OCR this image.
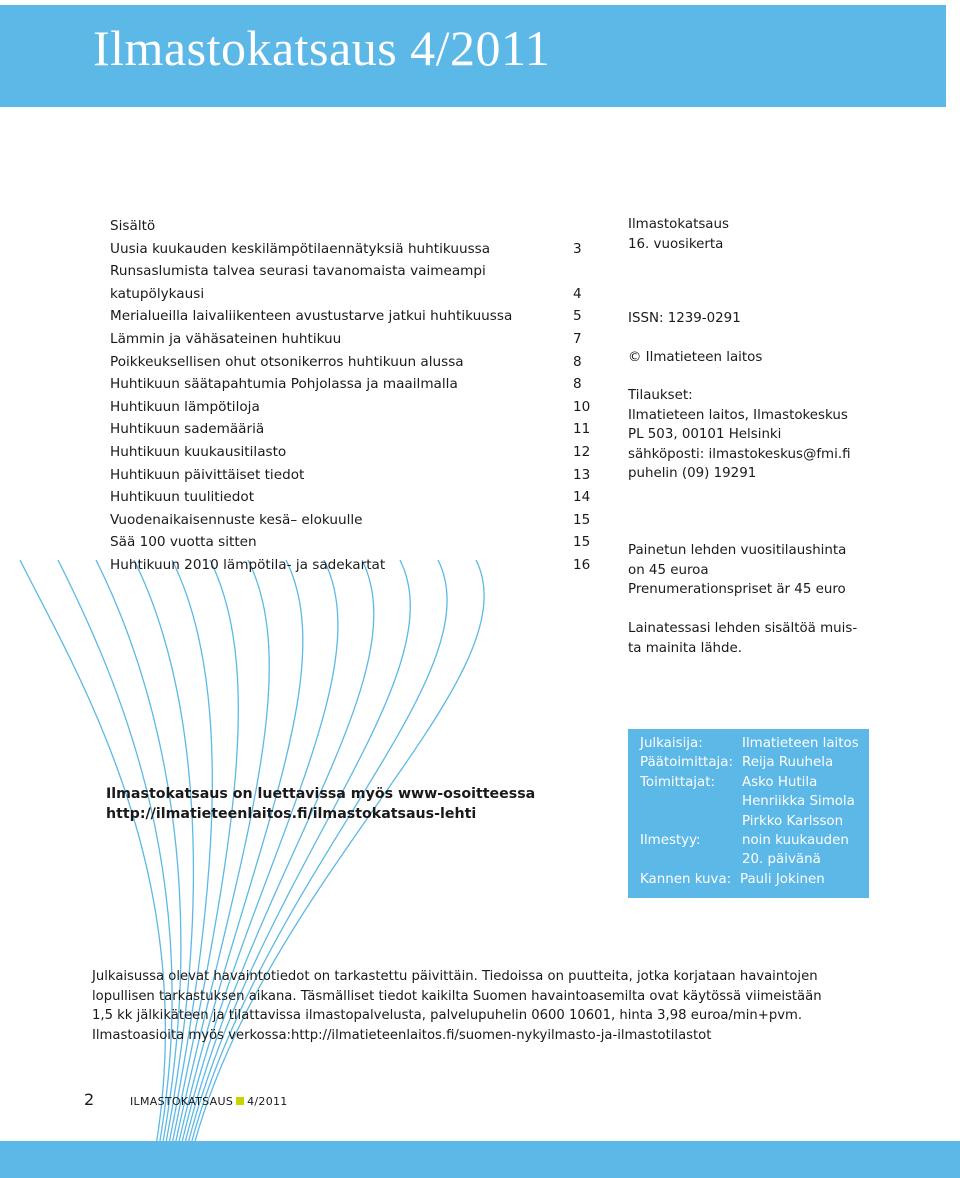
Ilmastokatsaus 4/2011
Sisältö
Uusia kuukauden keskilämpötilaennätyksiä huhtikuussa	3
Runsaslumista talvea seurasi tavanomaista vaimeampi
katupölykausi	4
Merialueilla laivaliikenteen avustustarve jatkui huhtikuussa	5
Lämmin ja vähäsateinen huhtikuu	7
Poikkeuksellisen ohut otsonikerros huhtikuun alussa	8
Huhtikuun säätapahtumia Pohjolassa ja maailmalla	8
Huhtikuun lämpötiloja	10
Huhtikuun sademääriä	11
Huhtikuun kuukausitilasto	12
Huhtikuun päivittäiset tiedot	13
Huhtikuun tuulitiedot	14
Vuodenaikaisennuste kesä– elokuulle	15
Sää 100 vuotta sitten	15
Huhtikuun 2010 lämpötila- ja sadekartat	16

Ilmastokatsaus

16. vuosikerta

ISSN: 1239-0291

© Ilmatieteen laitos

Tilaukset:

Ilmatieteen laitos, Ilmastokeskus

PL 503, 00101 Helsinki

sähköposti: ilmastokeskus@fmi.fi

puhelin (09) 19291

Painetun lehden vuositilaushinta

on 45 euroa

Prenumerationspriset är 45 euro

Lainatessasi lehden sisältöä muis-

ta mainita lähde.

Julkaisija:	Ilmatieteen laitos
Päätoimittaja: Reija Ruuhela
Toimittajat: Asko Hutila
Henriikka Simola
Pirkko Karlsson
Ilmestyy:	noin kuukauden
20. päivänä
Kannen kuva: Pauli Jokinen
Ilmastokatsaus on luettavissa myös www-osoitteessa
http://ilmatieteenlaitos.fi/ilmastokatsaus-lehti

Julkaisussa olevat havaintotiedot on tarkastettu päivittäin. Tiedoissa on puutteita, jotka korjataan havaintojen

lopullisen tarkastuksen aikana. Täsmälliset tiedot kaikilta Suomen havaintoasemilta ovat käytössä viimeistään

1,5 kk jälkikäteen ja tilattavissa ilmastopalvelusta, palvelupuhelin 0600 10601, hinta 3,98 euroa/min+pvm.

Ilmastoasioita myös verkossa:http://ilmatieteenlaitos.fi/suomen-nykyilmasto-ja-ilmastotilastot

2	ILMASTOKATSAUS 4/2011
